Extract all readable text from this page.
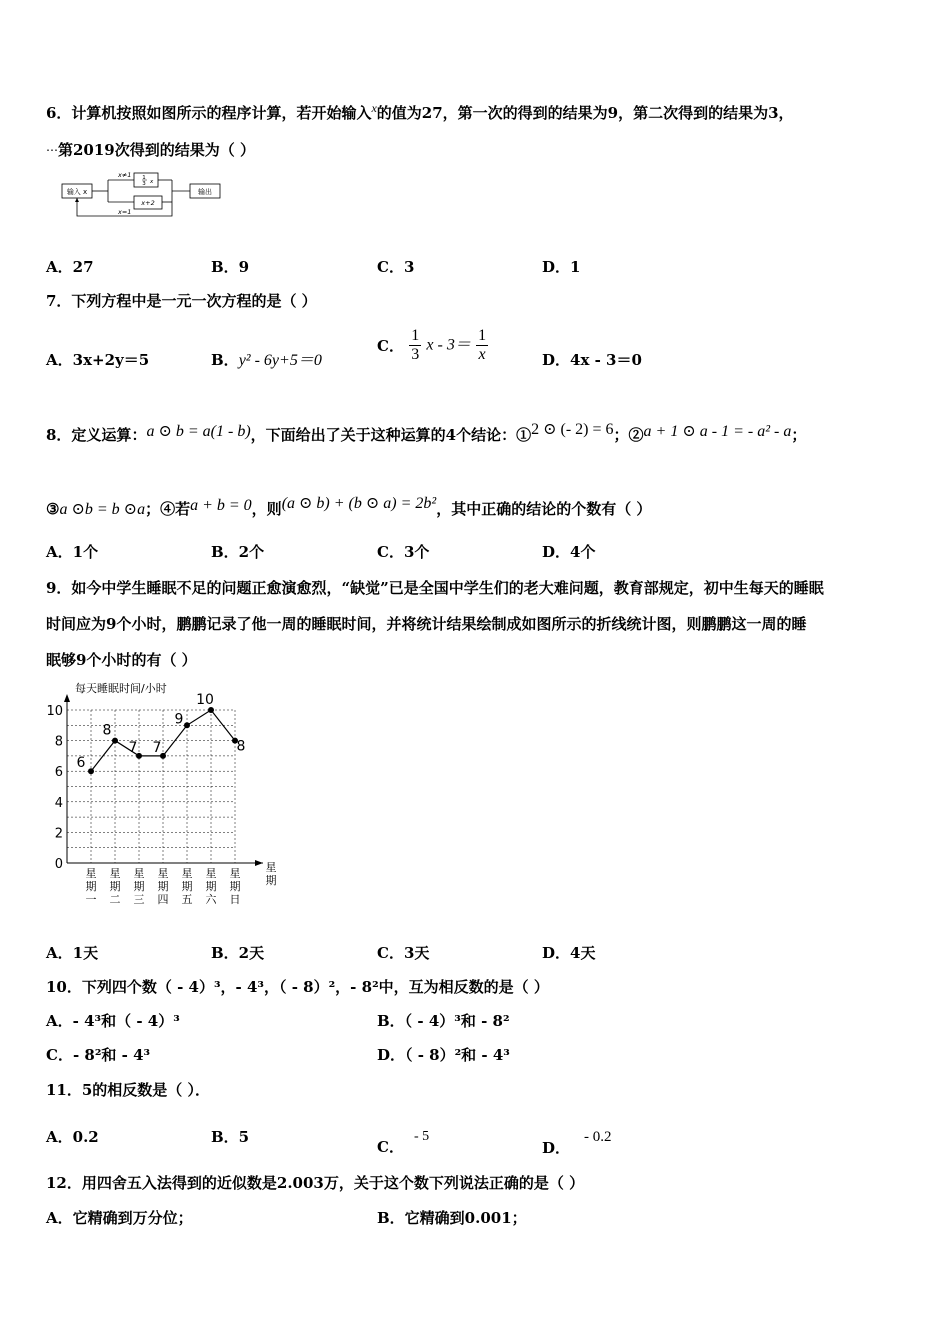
6．计算机按照如图所示的程序计算，若开始输入$^x$的值为27，第一次的得到的结果为9，第二次得到的结果为3，
⋯第2019次得到的结果为（ ）
输入 x
x≠1
x=1
1
3 x
x+2
输出
A．27	B．9	C．3	D．1
7．下列方程中是一元一次方程的是（ ）
A．3x+2y＝5	B．y² - 6y+5＝0
C． $\frac{1}{3}$ $x - 3= \frac{1}{x}$	D．4x - 3＝0
8．定义运算：a ⊙ b = a(1 - b)，下面给出了关于这种运算的4个结论：①2 ⊙ (- 2) = 6；②a + 1 ⊙ a - 1 = - a² - a；
③a ⊙b = b ⊙a；④若a + b = 0，则(a ⊙ b) + (b ⊙ a) = 2b²，其中正确的结论的个数有（ ）
A．1个	B．2个	C．3个	D．4个
9．如今中学生睡眠不足的问题正愈演愈烈，“缺觉”已是全国中学生们的老大难问题，教育部规定，初中生每天的睡眠
时间应为9个小时，鹏鹏记录了他一周的睡眠时间，并将统计结果绘制成如图所示的折线统计图，则鹏鹏这一周的睡
眠够9个小时的有（ ）
每天睡眠时间/小时
0
2
4
6
8
10
星期一
星期二
星期三
星期四
星期五
星期六
星期日
星期
6
8
7 7
9
10
8
A．1天	B．2天	C．3天	D．4天
10．下列四个数（ - 4）³，- 4³，（ - 8）²，- 8²中，互为相反数的是（ ）
A．- 4³和（ - 4）³	B．（ - 4）³和 - 8²
C．- 8²和 - 4³	D．（ - 8）²和 - 4³
11．5的相反数是（ ）．
A．0.2	B．5
C．- 5
D．- 0.2
12．用四舍五入法得到的近似数是2.003万，关于这个数下列说法正确的是（ ）
A．它精确到万分位；	B．它精确到0.001；
